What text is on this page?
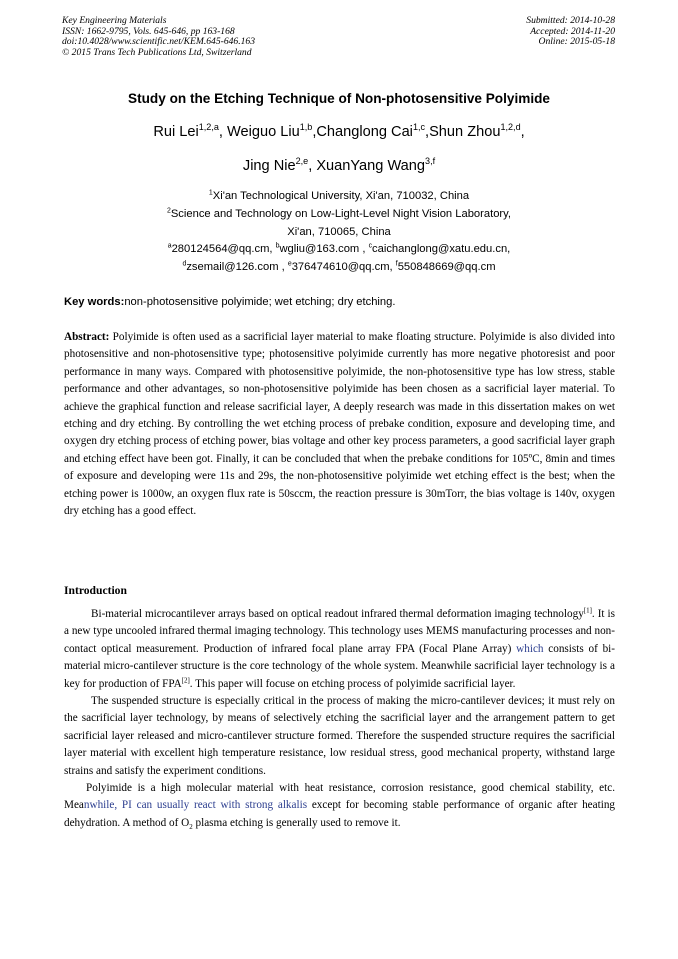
Key Engineering Materials
ISSN: 1662-9795, Vols. 645-646, pp 163-168
doi:10.4028/www.scientific.net/KEM.645-646.163
© 2015 Trans Tech Publications Ltd, Switzerland
Submitted: 2014-10-28
Accepted: 2014-11-20
Online: 2015-05-18
Study on the Etching Technique of Non-photosensitive Polyimide
Rui Lei$^{1,2,a}$, Weiguo Liu$^{1,b}$,Changlong Cai$^{1,c}$,Shun Zhou$^{1,2,d}$,
Jing Nie$^{2,e}$, XuanYang Wang$^{3,f}$
$^1$Xi'an Technological University, Xi'an, 710032, China
$^2$Science and Technology on Low-Light-Level Night Vision Laboratory,
Xi'an, 710065, China
$^a$280124564@qq.cm, $^b$wgliu@163.com , $^c$caichanglong@xatu.edu.cn,
$^d$zsemail@126.com , $^e$376474610@qq.cm, $^f$550848669@qq.cm
Key words:non-photosensitive polyimide; wet etching; dry etching.

Abstract: Polyimide is often used as a sacrificial layer material to make floating structure. Polyimide is also divided into photosensitive and non-photosensitive type; photosensitive polyimide currently has more negative photoresist and poor performance in many ways. Compared with photosensitive polyimide, the non-photosensitive type has low stress, stable performance and other advantages, so non-photosensitive polyimide has been chosen as a sacrificial layer material. To achieve the graphical function and release sacrificial layer, A deeply research was made in this dissertation makes on wet etching and dry etching. By controlling the wet etching process of prebake condition, exposure and developing time, and oxygen dry etching process of etching power, bias voltage and other key process parameters, a good sacrificial layer graph and etching effect have been got. Finally, it can be concluded that when the prebake conditions for 105ºC, 8min and times of exposure and developing were 11s and 29s, the non-photosensitive polyimide wet etching effect is the best; when the etching power is 1000w, an oxygen flux rate is 50sccm, the reaction pressure is 30mTorr, the bias voltage is 140v, oxygen dry etching has a good effect.

Introduction

Bi-material microcantilever arrays based on optical readout infrared thermal deformation imaging technology[1]. It is a new type uncooled infrared thermal imaging technology. This technology uses MEMS manufacturing processes and non-contact optical measurement. Production of infrared focal plane array FPA (Focal Plane Array) which consists of bi-material micro-cantilever structure is the core technology of the whole system. Meanwhile sacrificial layer technology is a key for production of FPA[2]. This paper will focuse on etching process of polyimide sacrificial layer.

The suspended structure is especially critical in the process of making the micro-cantilever devices; it must rely on the sacrificial layer technology, by means of selectively etching the sacrificial layer and the arrangement pattern to get sacrificial layer released and micro-cantilever structure formed. Therefore the suspended structure requires the sacrificial layer material with excellent high temperature resistance, low residual stress, good mechanical property, withstand large strains and satisfy the experiment conditions.

Polyimide is a high molecular material with heat resistance, corrosion resistance, good chemical stability, etc. Meanwhile, PI can usually react with strong alkalis except for becoming stable performance of organic after heating dehydration. A method of $O_2$ plasma etching is generally used to remove it.
